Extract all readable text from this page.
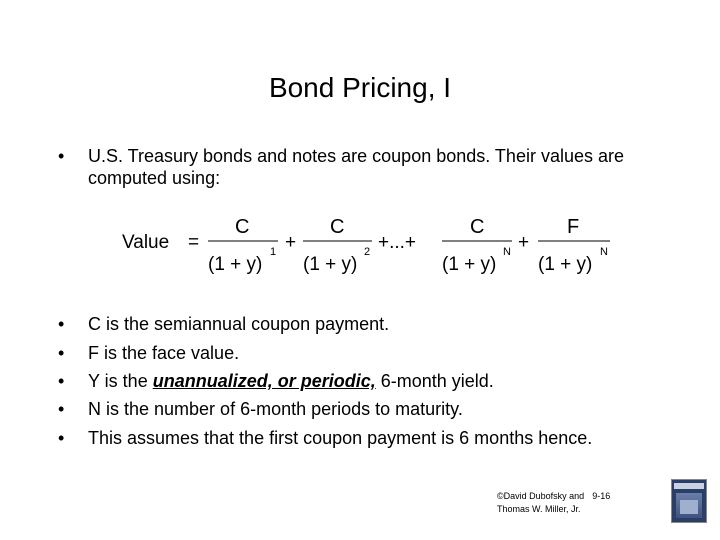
Bond Pricing, I
• U.S. Treasury bonds and notes are coupon bonds. Their values are computed using:
Value =
C
(1 + y)
1 +
C
(1 + y)
2 +...+
C
(1 + y)
N +
F
(1 + y)
N
• C is the semiannual coupon payment.
• F is the face value.
• Y is the unannualized, or periodic, 6-month yield.
• N is the number of 6-month periods to maturity.
• This assumes that the first coupon payment is 6 months hence.
©David Dubofsky and 9-16
Thomas W. Miller, Jr.
